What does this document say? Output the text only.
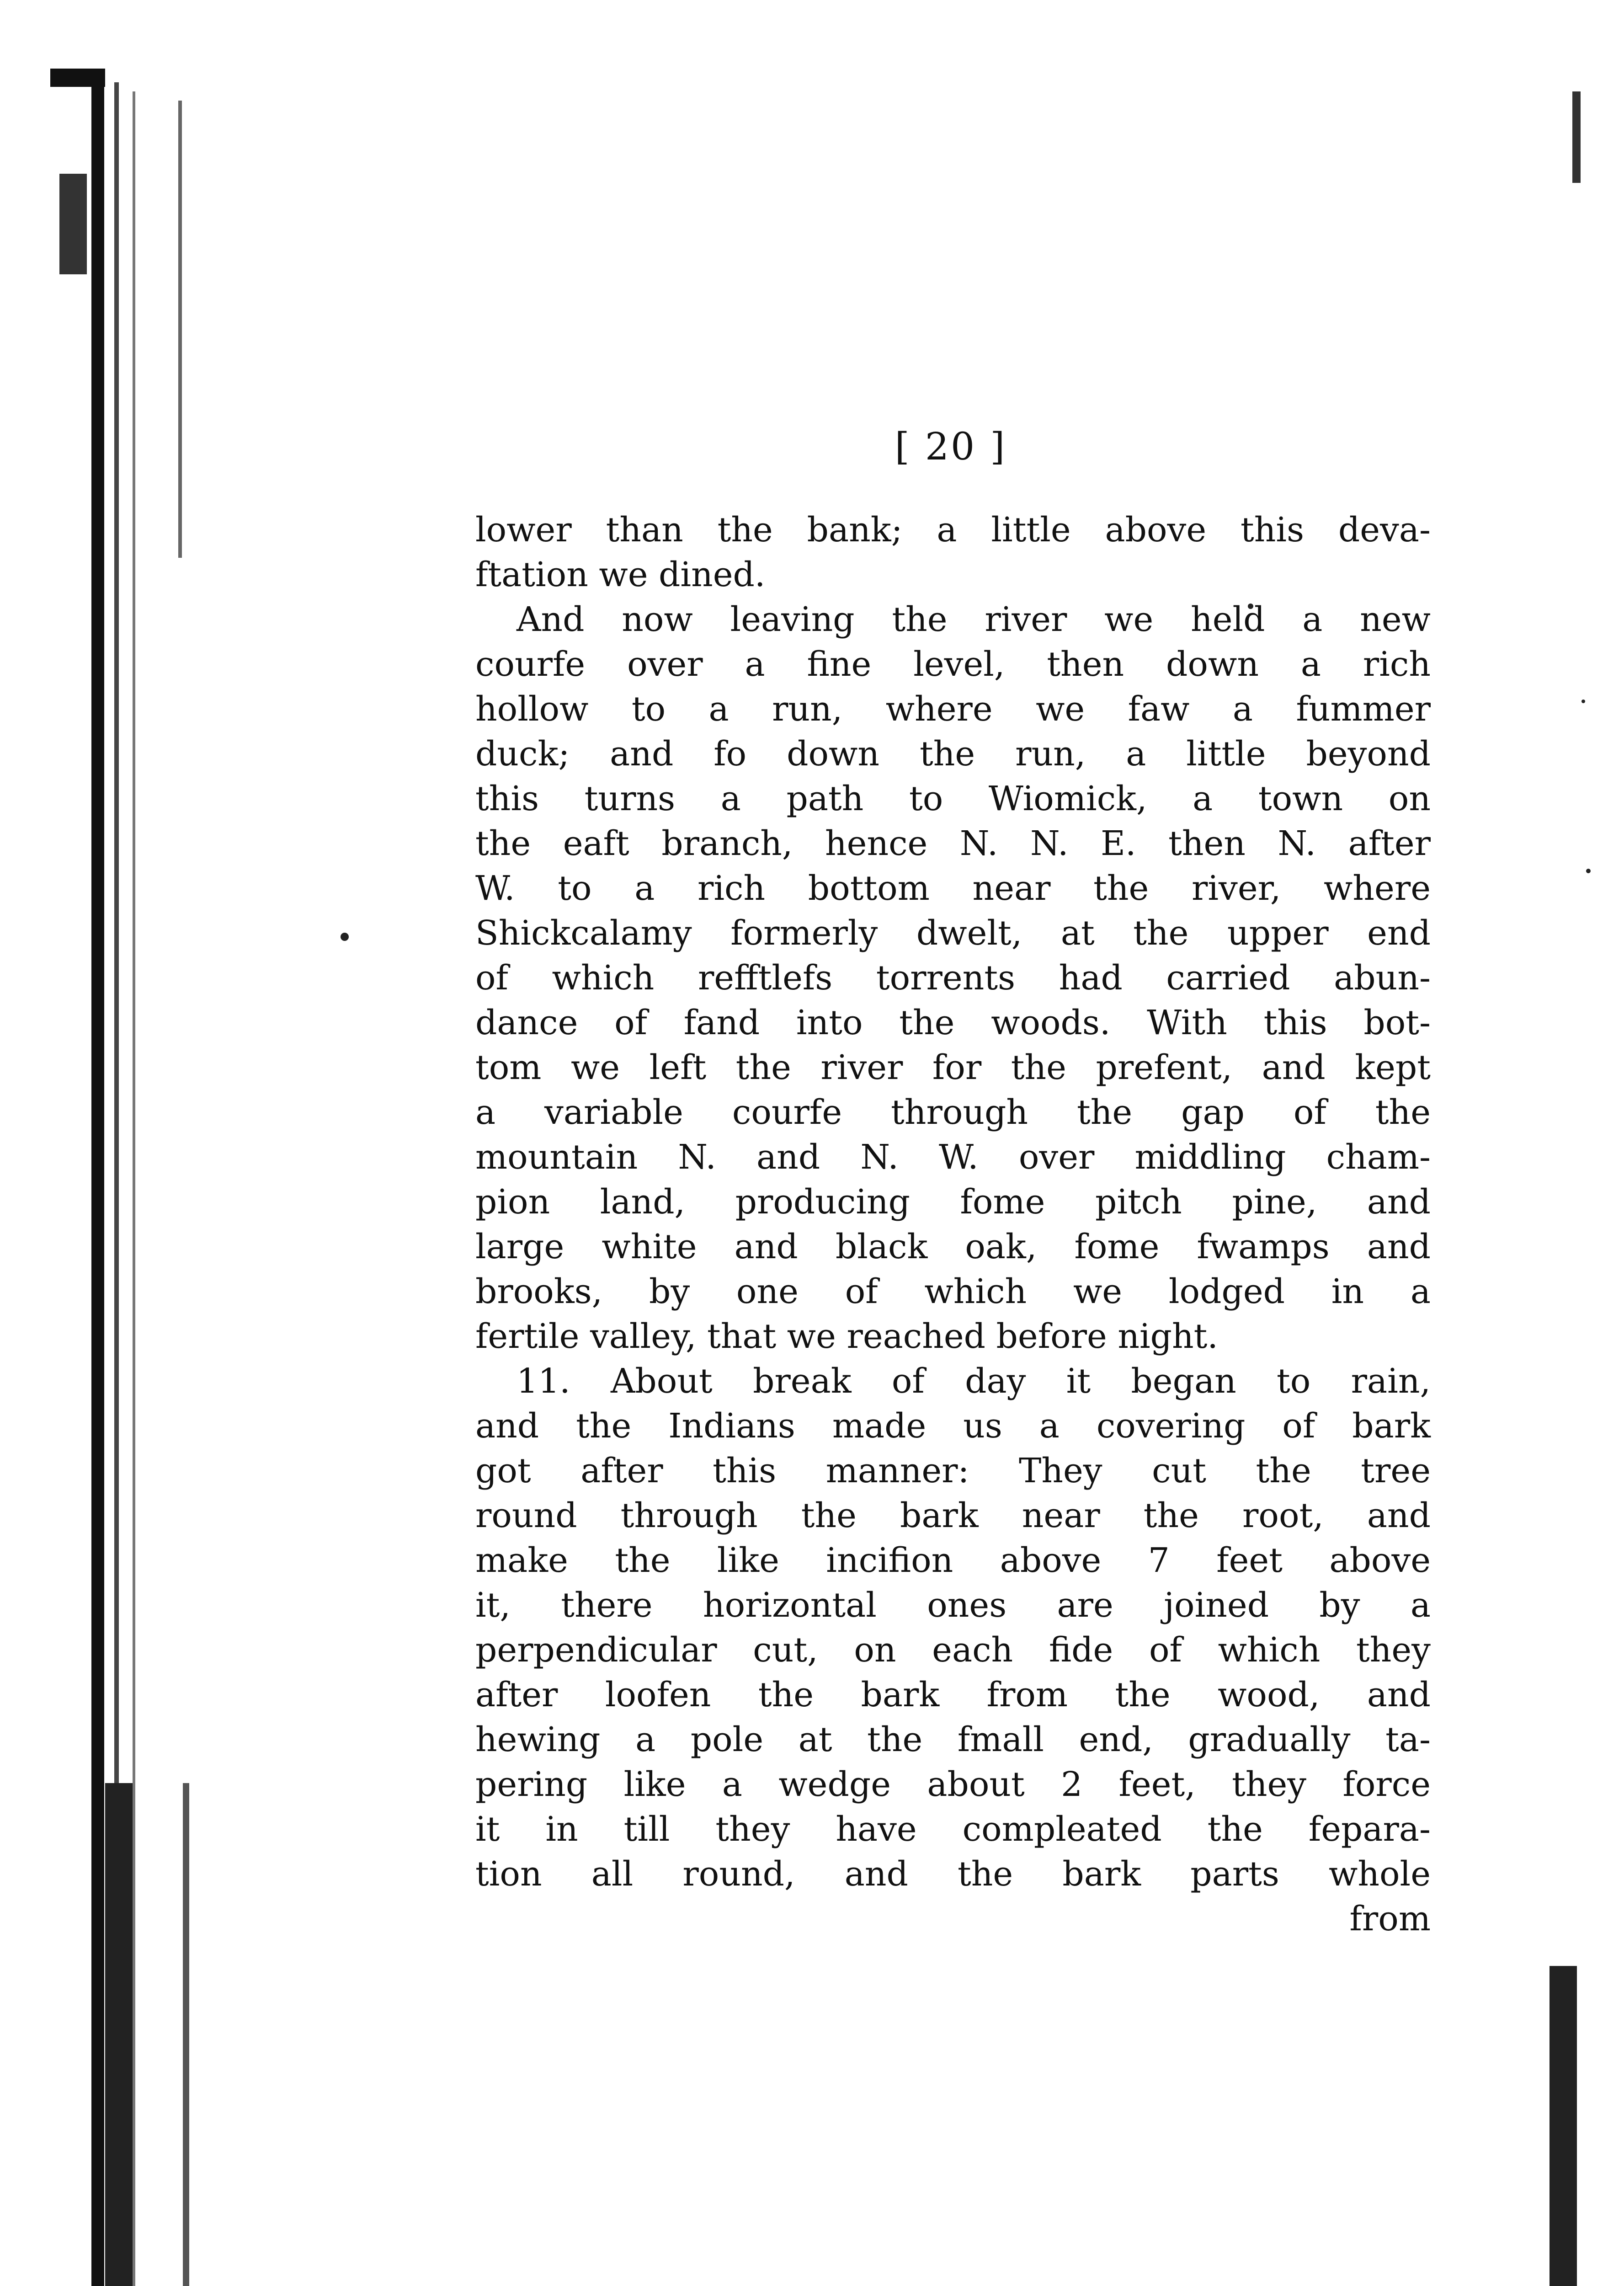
[ 20 ]
lower than the bank; a little above this deva-
ftation we dined.
And now leaving the river we held a new
courfe over a fine level, then down a rich
hollow to a run, where we faw a fummer
duck; and fo down the run, a little beyond
this turns a path to Wiomick, a town on
the eaft branch, hence N. N. E. then N. after
W. to a rich bottom near the river, where
Shickcalamy formerly dwelt, at the upper end
of which refftlefs torrents had carried abun-
dance of fand into the woods. With this bot-
tom we left the river for the prefent, and kept
a variable courfe through the gap of the
mountain N. and N. W. over middling cham-
pion land, producing fome pitch pine, and
large white and black oak, fome fwamps and
brooks, by one of which we lodged in a
fertile valley, that we reached before night.
11. About break of day it began to rain,
and the Indians made us a covering of bark
got after this manner: They cut the tree
round through the bark near the root, and
make the like incifion above 7 feet above
it, there horizontal ones are joined by a
perpendicular cut, on each fide of which they
after loofen the bark from the wood, and
hewing a pole at the fmall end, gradually ta-
pering like a wedge about 2 feet, they force
it in till they have compleated the fepara-
tion all round, and the bark parts whole
from
